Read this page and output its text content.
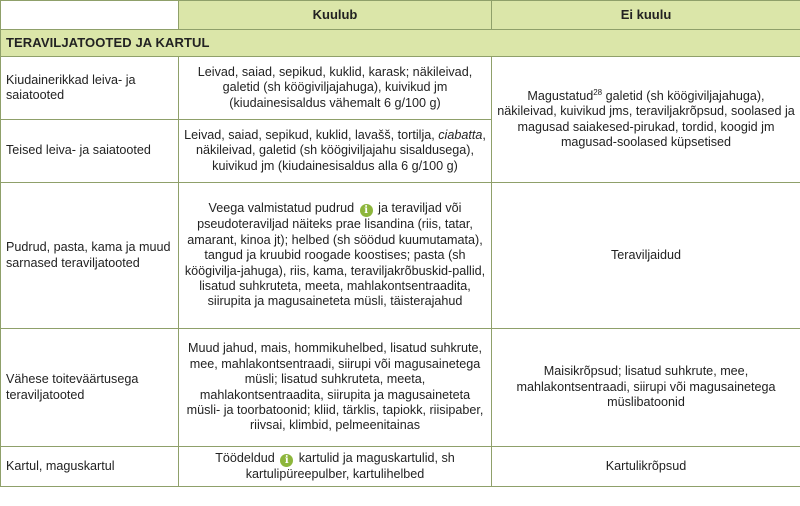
	Kuulub	Ei kuulu
TERAVILJATOOTED JA KARTUL		
Kiudainerikkad leiva- ja saiatooted	Leivad, saiad, sepikud, kuklid, karask; näkileivad, galetid (sh köögiviljajahuga), kuivikud jm (kiudainesisaldus vähemalt 6 g/100 g)	Magustatud$^{28}$ galetid (sh köögiviljajahuga), näkileivad, kuivikud jms, teraviljakrõpsud, soolased ja magusad saiakesed-pirukad, tordid, koogid jm magusad-soolased küpsetised
Teised leiva- ja saiatooted	Leivad, saiad, sepikud, kuklid, lavašš, tortilja, ciabatta, näkileivad, galetid (sh köögiviljajahu sisaldusega), kuivikud jm (kiudainesisaldus alla 6 g/100 g)	
Pudrud, pasta, kama ja muud sarnased teraviljatooted	Veega valmistatud pudrud i ja teraviljad või pseudoteraviljad näiteks prae lisandina (riis, tatar, amarant, kinoa jt); helbed (sh söödud kuumutamata), tangud ja kruubid roogade koostises; pasta (sh köögivilja-jahuga), riis, kama, teraviljakrõbuskid-pallid, lisatud suhkruteta, meeta, mahlakontsentraadita, siirupita ja magusaineteta müsli, täisterajahud	Teraviljaidud
Vähese toiteväärtusega teraviljatooted	Muud jahud, mais, hommikuhelbed, lisatud suhkrute, mee, mahlakontsentraadi, siirupi või magusainetega müsli; lisatud suhkruteta, meeta, mahlakontsentraadita, siirupita ja magusaineteta müsli- ja toorbatoonid; kliid, tärklis, tapiokk, riisipaber, riivsai, klimbid, pelmeenitainas	Maisikrõpsud; lisatud suhkrute, mee, mahlakontsentraadi, siirupi või magusainetega müslibatoonid
Kartul, maguskartul	Töödeldud i kartulid ja maguskartulid, sh kartulipüreepulber, kartulihelbed	Kartulikrõpsud
